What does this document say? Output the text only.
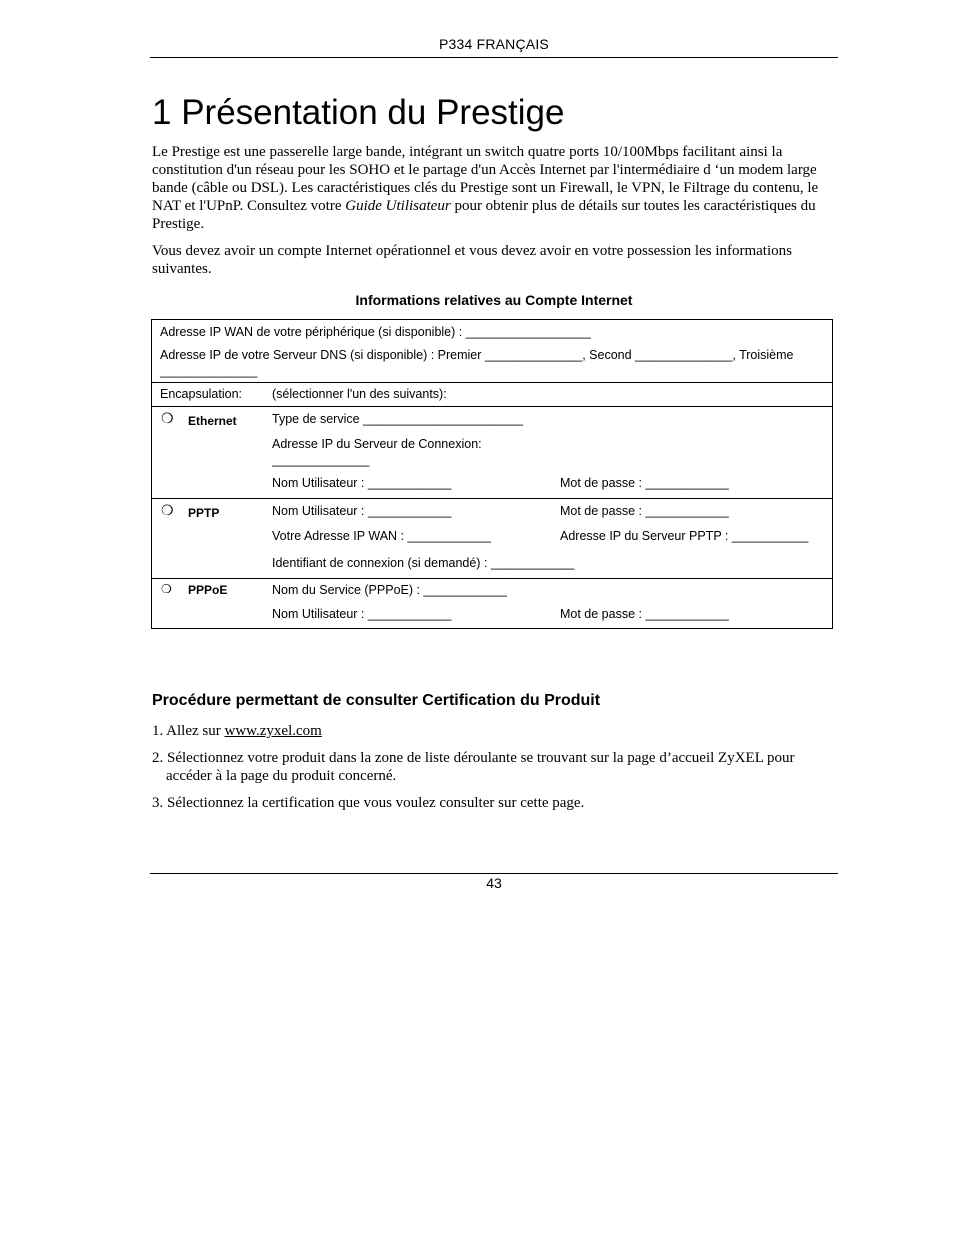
P334 FRANÇAIS
1 Présentation du Prestige

Le Prestige est une passerelle large bande, intégrant un switch quatre ports 10/100Mbps facilitant ainsi la constitution d'un réseau pour les SOHO et le partage d'un Accès Internet par l'intermédiaire d ‘un modem large bande (câble ou DSL). Les caractéristiques clés du Prestige sont un Firewall, le VPN, le Filtrage du contenu, le NAT et l'UPnP. Consultez votre Guide Utilisateur pour obtenir plus de détails sur toutes les caractéristiques du Prestige.

Vous devez avoir un compte Internet opérationnel et vous devez avoir en votre possession les informations suivantes.

Informations relatives au Compte Internet
Adresse IP WAN de votre périphérique (si disponible) : __________________
Adresse IP de votre Serveur DNS (si disponible) : Premier ______________, Second ______________, Troisième
______________
Encapsulation: (sélectionner l'un des suivants):
❍ Ethernet	Type de service _______________________
Adresse IP du Serveur de Connexion:
______________
Nom Utilisateur : ____________	Mot de passe : ____________
❍ PPTP	Nom Utilisateur : ____________	Mot de passe : ____________
Votre Adresse IP WAN : ____________	Adresse IP du Serveur PPTP : ___________
Identifiant de connexion (si demandé) : ____________
❍ PPPoE	Nom du Service (PPPoE) : ____________
Nom Utilisateur : ____________	Mot de passe : ____________
Procédure permettant de consulter Certification du Produit
1. Allez sur www.zyxel.com
2. Sélectionnez votre produit dans la zone de liste déroulante se trouvant sur la page d’accueil ZyXEL pour
accéder à la page du produit concerné.
3. Sélectionnez la certification que vous voulez consulter sur cette page.
43
